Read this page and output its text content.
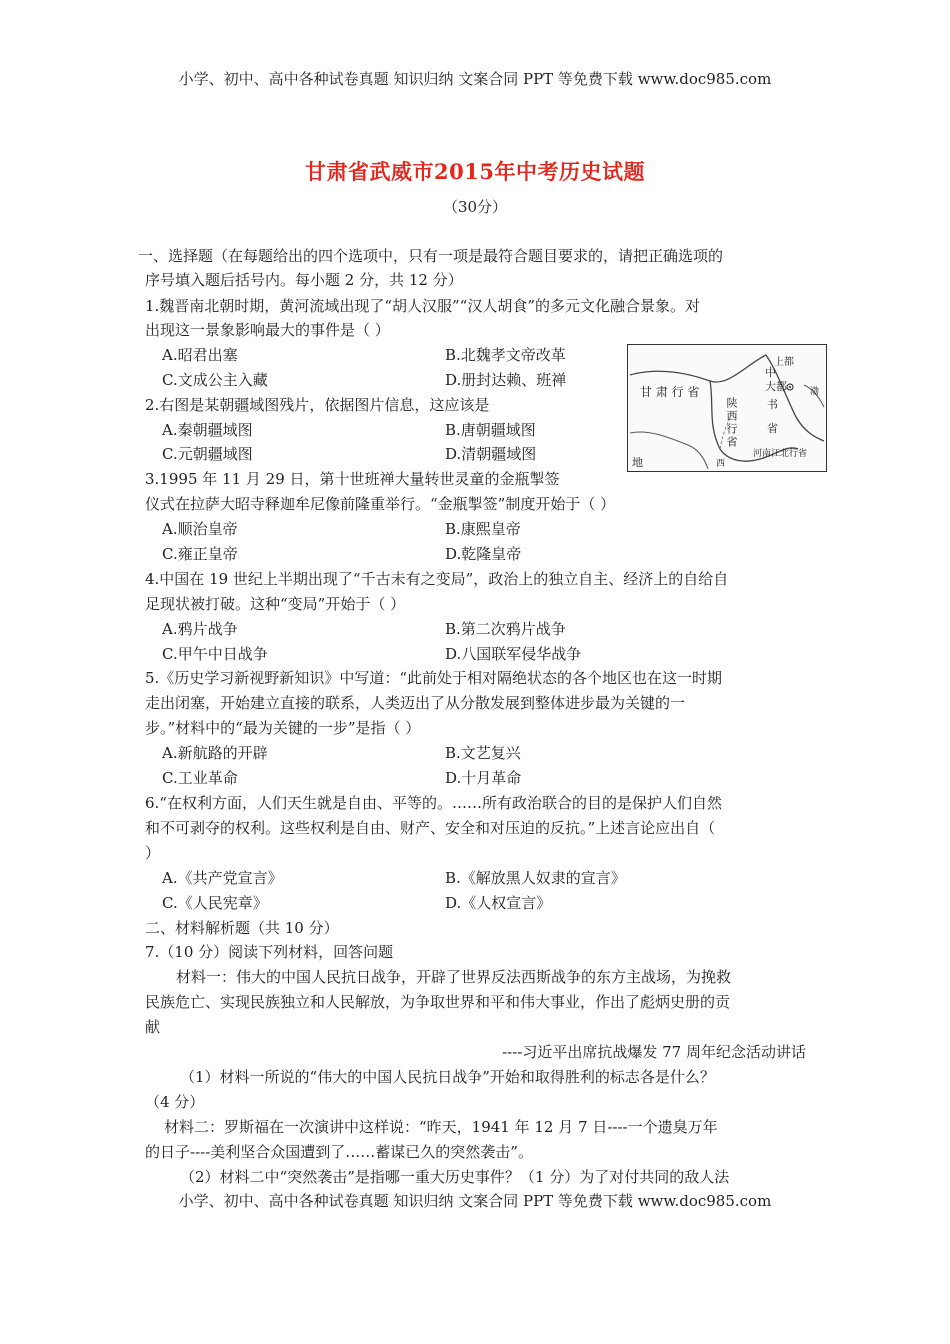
小学、初中、高中各种试卷真题 知识归纳 文案合同 PPT 等免费下载 www.doc985.com
甘肃省武威市2015年中考历史试题
（30分）
一、选择题（在每题给出的四个选项中，只有一项是最符合题目要求的，请把正确选项的
序号填入题后括号内。每小题 2 分，共 12 分）
1.魏晋南北朝时期，黄河流域出现了“胡人汉服”“汉人胡食”的多元文化融合景象。对
出现这一景象影响最大的事件是（ ）
A.昭君出塞	B.北魏孝文帝改革
C.文成公主入藏	D.册封达赖、班禅
2.右图是某朝疆域图残片，依据图片信息，这应该是
A.秦朝疆域图	B.唐朝疆域图
C.元朝疆域图	D.清朝疆域图
甘 肃 行 省
上都
中
大都
书
省
陕西行省
河南江北行省
地	西
渤
3.1995 年 11 月 29 日，第十世班禅大量转世灵童的金瓶掣签
仪式在拉萨大昭寺释迦牟尼像前隆重举行。“金瓶掣签”制度开始于（ ）
A.顺治皇帝	B.康熙皇帝
C.雍正皇帝	D.乾隆皇帝
4.中国在 19 世纪上半期出现了“千古未有之变局”，政治上的独立自主、经济上的自给自
足现状被打破。这种“变局”开始于（ ）
A.鸦片战争	B.第二次鸦片战争
C.甲午中日战争	D.八国联军侵华战争
5.《历史学习新视野新知识》中写道：“此前处于相对隔绝状态的各个地区也在这一时期
走出闭塞，开始建立直接的联系，人类迈出了从分散发展到整体进步最为关键的一
步。”材料中的“最为关键的一步”是指（ ）
A.新航路的开辟	B.文艺复兴
C.工业革命	D.十月革命
6.“在权利方面，人们天生就是自由、平等的。……所有政治联合的目的是保护人们自然
和不可剥夺的权利。这些权利是自由、财产、安全和对压迫的反抗。”上述言论应出自（
）
A.《共产党宣言》	B.《解放黑人奴隶的宣言》
C.《人民宪章》	D.《人权宣言》
二、材料解析题（共 10 分）
7.（10 分）阅读下列材料，回答问题
材料一：伟大的中国人民抗日战争，开辟了世界反法西斯战争的东方主战场，为挽救
民族危亡、实现民族独立和人民解放，为争取世界和平和伟大事业，作出了彪炳史册的贡
献
----习近平出席抗战爆发 77 周年纪念活动讲话
（1）材料一所说的“伟大的中国人民抗日战争”开始和取得胜利的标志各是什么？
（4 分）
材料二：罗斯福在一次演讲中这样说：“昨天，1941 年 12 月 7 日----一个遗臭万年
的日子----美利坚合众国遭到了……蓄谋已久的突然袭击”。
（2）材料二中“突然袭击”是指哪一重大历史事件？（1 分）为了对付共同的敌人法
小学、初中、高中各种试卷真题 知识归纳 文案合同 PPT 等免费下载 www.doc985.com
